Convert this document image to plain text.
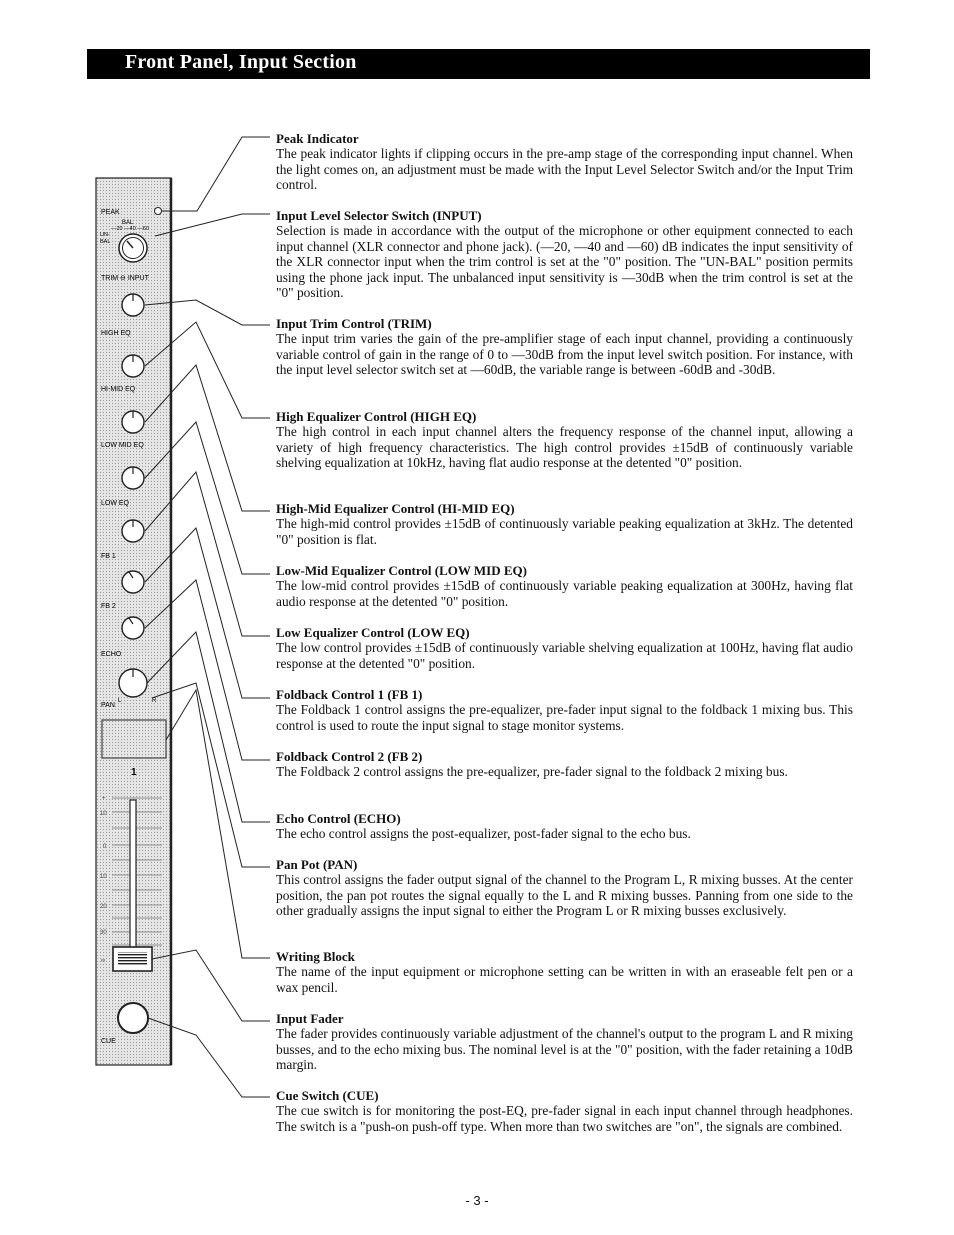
Front Panel, Input Section
PEAK
BAL
—20 —40 —60
UN-
BAL
TRIM ⊖ INPUT
HIGH EQ
HI-MID EQ
LOW MID EQ
LOW EQ
FB 1
FB 2
ECHO
L	R
PAN
1
+
10
0
10
20
30
∞
CUE
Peak Indicator
The peak indicator lights if clipping occurs in the pre-amp stage of the corresponding input channel. When the light comes on, an adjustment must be made with the Input Level Selector Switch and/or the Input Trim control.
Input Level Selector Switch (INPUT)
Selection is made in accordance with the output of the microphone or other equipment connected to each input channel (XLR connector and phone jack). (—20, —40 and —60) dB indicates the input sensitivity of the XLR connector input when the trim control is set at the "0" position. The "UN-BAL" position permits using the phone jack input. The unbalanced input sensitivity is —30dB when the trim control is set at the "0" position.
Input Trim Control (TRIM)
The input trim varies the gain of the pre-amplifier stage of each input channel, providing a continuously variable control of gain in the range of 0 to —30dB from the input level switch position. For instance, with the input level selector switch set at —60dB, the variable range is between -60dB and -30dB.
High Equalizer Control (HIGH EQ)
The high control in each input channel alters the frequency response of the channel input, allowing a variety of high frequency characteristics. The high control provides ±15dB of continuously variable shelving equalization at 10kHz, having flat audio response at the detented "0" position.
High-Mid Equalizer Control (HI-MID EQ)
The high-mid control provides ±15dB of continuously variable peaking equalization at 3kHz. The detented "0" position is flat.
Low-Mid Equalizer Control (LOW MID EQ)
The low-mid control provides ±15dB of continuously variable peaking equalization at 300Hz, having flat audio response at the detented "0" position.
Low Equalizer Control (LOW EQ)
The low control provides ±15dB of continuously variable shelving equalization at 100Hz, having flat audio response at the detented "0" position.
Foldback Control 1 (FB 1)
The Foldback 1 control assigns the pre-equalizer, pre-fader input signal to the foldback 1 mixing bus. This control is used to route the input signal to stage monitor systems.
Foldback Control 2 (FB 2)
The Foldback 2 control assigns the pre-equalizer, pre-fader signal to the foldback 2 mixing bus.
Echo Control (ECHO)
The echo control assigns the post-equalizer, post-fader signal to the echo bus.
Pan Pot (PAN)
This control assigns the fader output signal of the channel to the Program L, R mixing busses. At the center position, the pan pot routes the signal equally to the L and R mixing busses. Panning from one side to the other gradually assigns the input signal to either the Program L or R mixing busses exclusively.
Writing Block
The name of the input equipment or microphone setting can be written in with an eraseable felt pen or a wax pencil.
Input Fader
The fader provides continuously variable adjustment of the channel's output to the program L and R mixing busses, and to the echo mixing bus. The nominal level is at the "0" position, with the fader retaining a 10dB margin.
Cue Switch (CUE)
The cue switch is for monitoring the post-EQ, pre-fader signal in each input channel through headphones. The switch is a "push-on push-off type. When more than two switches are "on", the signals are combined.
- 3 -
